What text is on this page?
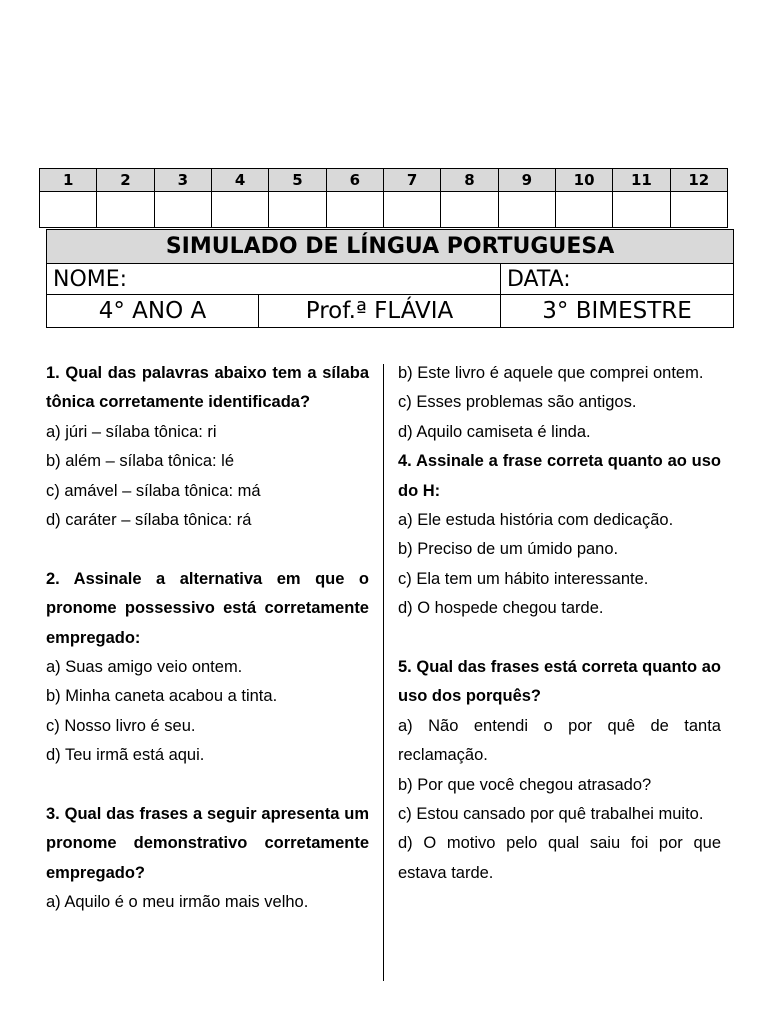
1	2	3	4	5	6	7	8	9	10	11	12

SIMULADO DE LÍNGUA PORTUGUESA		
NOME:		DATA:
4° ANO A	Prof.ª FLÁVIA	3° BIMESTRE

1. Qual das palavras abaixo tem a sílaba tônica corretamente identificada?

a) júri – sílaba tônica: ri

b) além – sílaba tônica: lé

c) amável – sílaba tônica: má

d) caráter – sílaba tônica: rá

2. Assinale a alternativa em que o pronome possessivo está corretamente empregado:

a) Suas amigo veio ontem.

b) Minha caneta acabou a tinta.

c) Nosso livro é seu.

d) Teu irmã está aqui.

3. Qual das frases a seguir apresenta um pronome demonstrativo corretamente empregado?

a) Aquilo é o meu irmão mais velho.

b) Este livro é aquele que comprei ontem.

c) Esses problemas são antigos.

d) Aquilo camiseta é linda.

4. Assinale a frase correta quanto ao uso do H:

a) Ele estuda história com dedicação.

b) Preciso de um úmido pano.

c) Ela tem um hábito interessante.

d) O hospede chegou tarde.

5. Qual das frases está correta quanto ao uso dos porquês?

a) Não entendi o por quê de tanta reclamação.

b) Por que você chegou atrasado?

c) Estou cansado por quê trabalhei muito.

d) O motivo pelo qual saiu foi por que estava tarde.
